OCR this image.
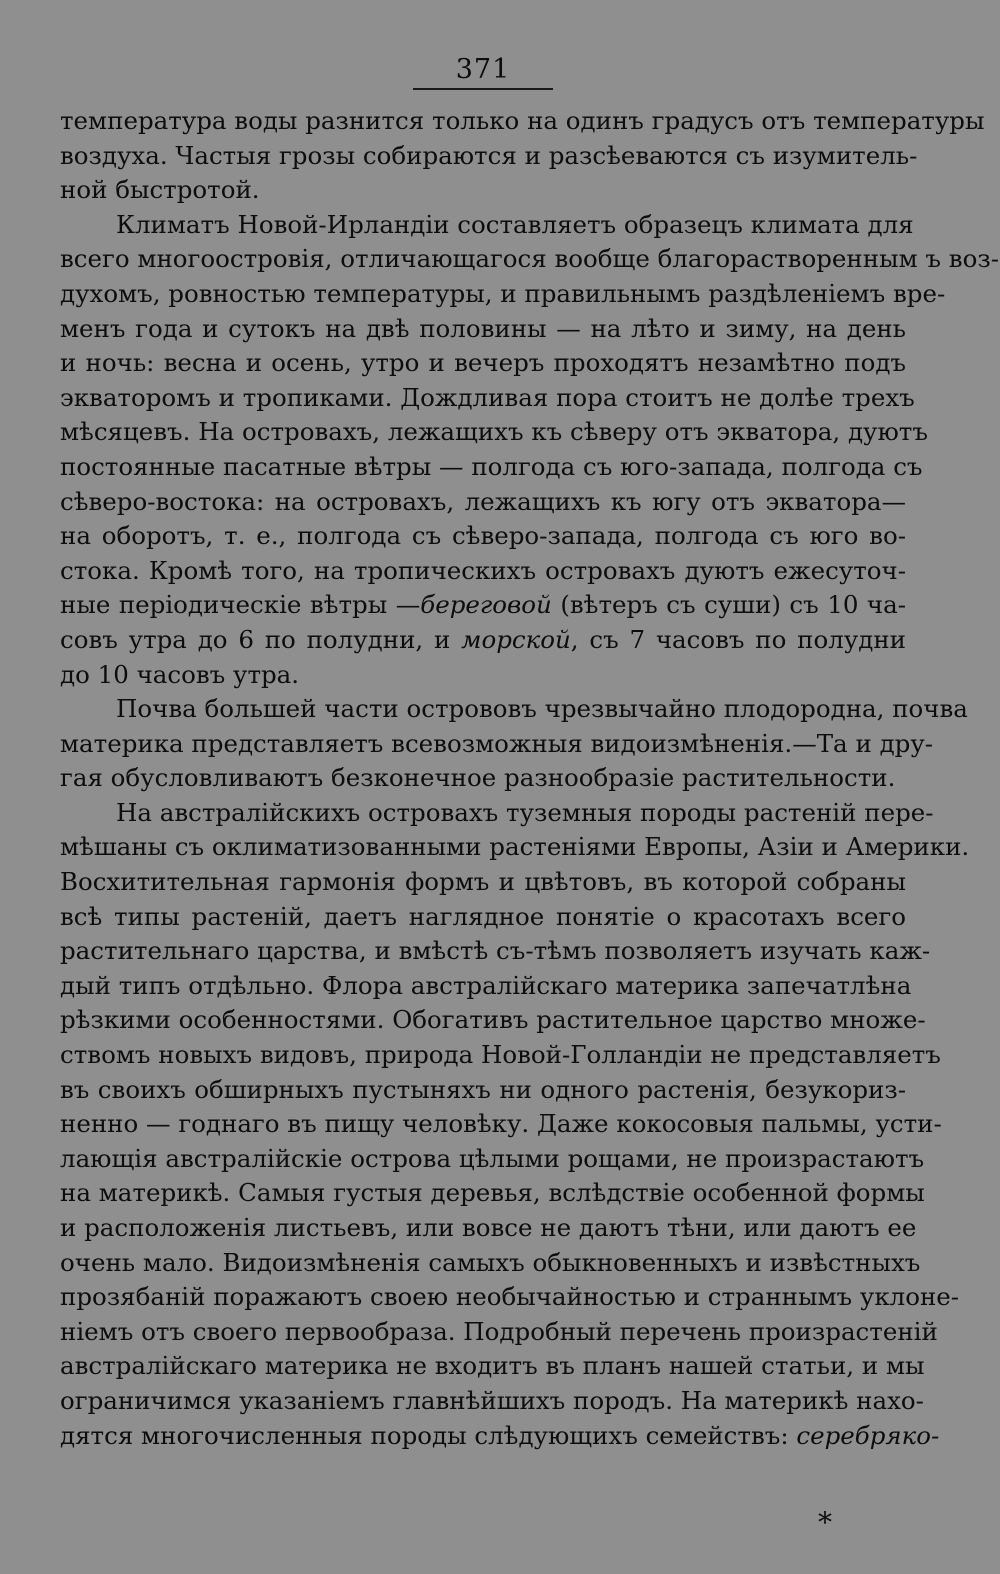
371
температура воды разнится только на одинъ градусъ отъ температуры
воздуха. Частыя грозы собираются и разсѣеваются съ изумитель-
ной быстротой.
Климатъ Новой-Ирландіи составляетъ образецъ климата для
всего многоостровія, отличающагося вообще благорастворенным ъ воз-
духомъ, ровностью температуры, и правильнымъ раздѣленіемъ вре-
менъ года и сутокъ на двѣ половины — на лѣто и зиму, на день
и ночь: весна и осень, утро и вечеръ проходятъ незамѣтно подъ
экваторомъ и тропиками. Дождливая пора стоитъ не долѣе трехъ
мѣсяцевъ. На островахъ, лежащихъ къ сѣверу отъ экватора, дуютъ
постоянные пасатные вѣтры — полгода съ юго-запада, полгода съ
сѣверо-востока: на островахъ, лежащихъ къ югу отъ экватора—
на оборотъ, т. е., полгода съ сѣверо-запада, полгода съ юго во-
стока. Кромѣ того, на тропическихъ островахъ дуютъ ежесуточ-
ные періодическіе вѣтры —береговой (вѣтеръ съ суши) съ 10 ча-
совъ утра до 6 по полудни, и морской, съ 7 часовъ по полудни
до 10 часовъ утра.
Почва большей части острововъ чрезвычайно плодородна, почва
материка представляетъ всевозможныя видоизмѣненія.—Та и дру-
гая обусловливаютъ безконечное разнообразіе растительности.
На австралійскихъ островахъ туземныя породы растеній пере-
мѣшаны съ оклиматизованными растеніями Европы, Азіи и Америки.
Восхитительная гармонія формъ и цвѣтовъ, въ которой собраны
всѣ типы растеній, даетъ наглядное понятіе о красотахъ всего
растительнаго царства, и вмѣстѣ съ-тѣмъ позволяетъ изучать каж-
дый типъ отдѣльно. Флора австралійскаго материка запечатлѣна
рѣзкими особенностями. Обогативъ растительное царство множе-
ствомъ новыхъ видовъ, природа Новой-Голландіи не представляетъ
въ своихъ обширныхъ пустыняхъ ни одного растенія, безукориз-
ненно — годнаго въ пищу человѣку. Даже кокосовыя пальмы, усти-
лающія австралійскіе острова цѣлыми рощами, не произрастаютъ
на материкѣ. Самыя густыя деревья, вслѣдствіе особенной формы
и расположенія листьевъ, или вовсе не даютъ тѣни, или даютъ ее
очень мало. Видоизмѣненія самыхъ обыкновенныхъ и извѣстныхъ
прозябаній поражаютъ своею необычайностью и страннымъ уклоне-
ніемъ отъ своего первообраза. Подробный перечень произрастеній
австралійскаго материка не входитъ въ планъ нашей статьи, и мы
ограничимся указаніемъ главнѣйшихъ породъ. На материкѣ нахо-
дятся многочисленныя породы слѣдующихъ семействъ: серебряко-
*
